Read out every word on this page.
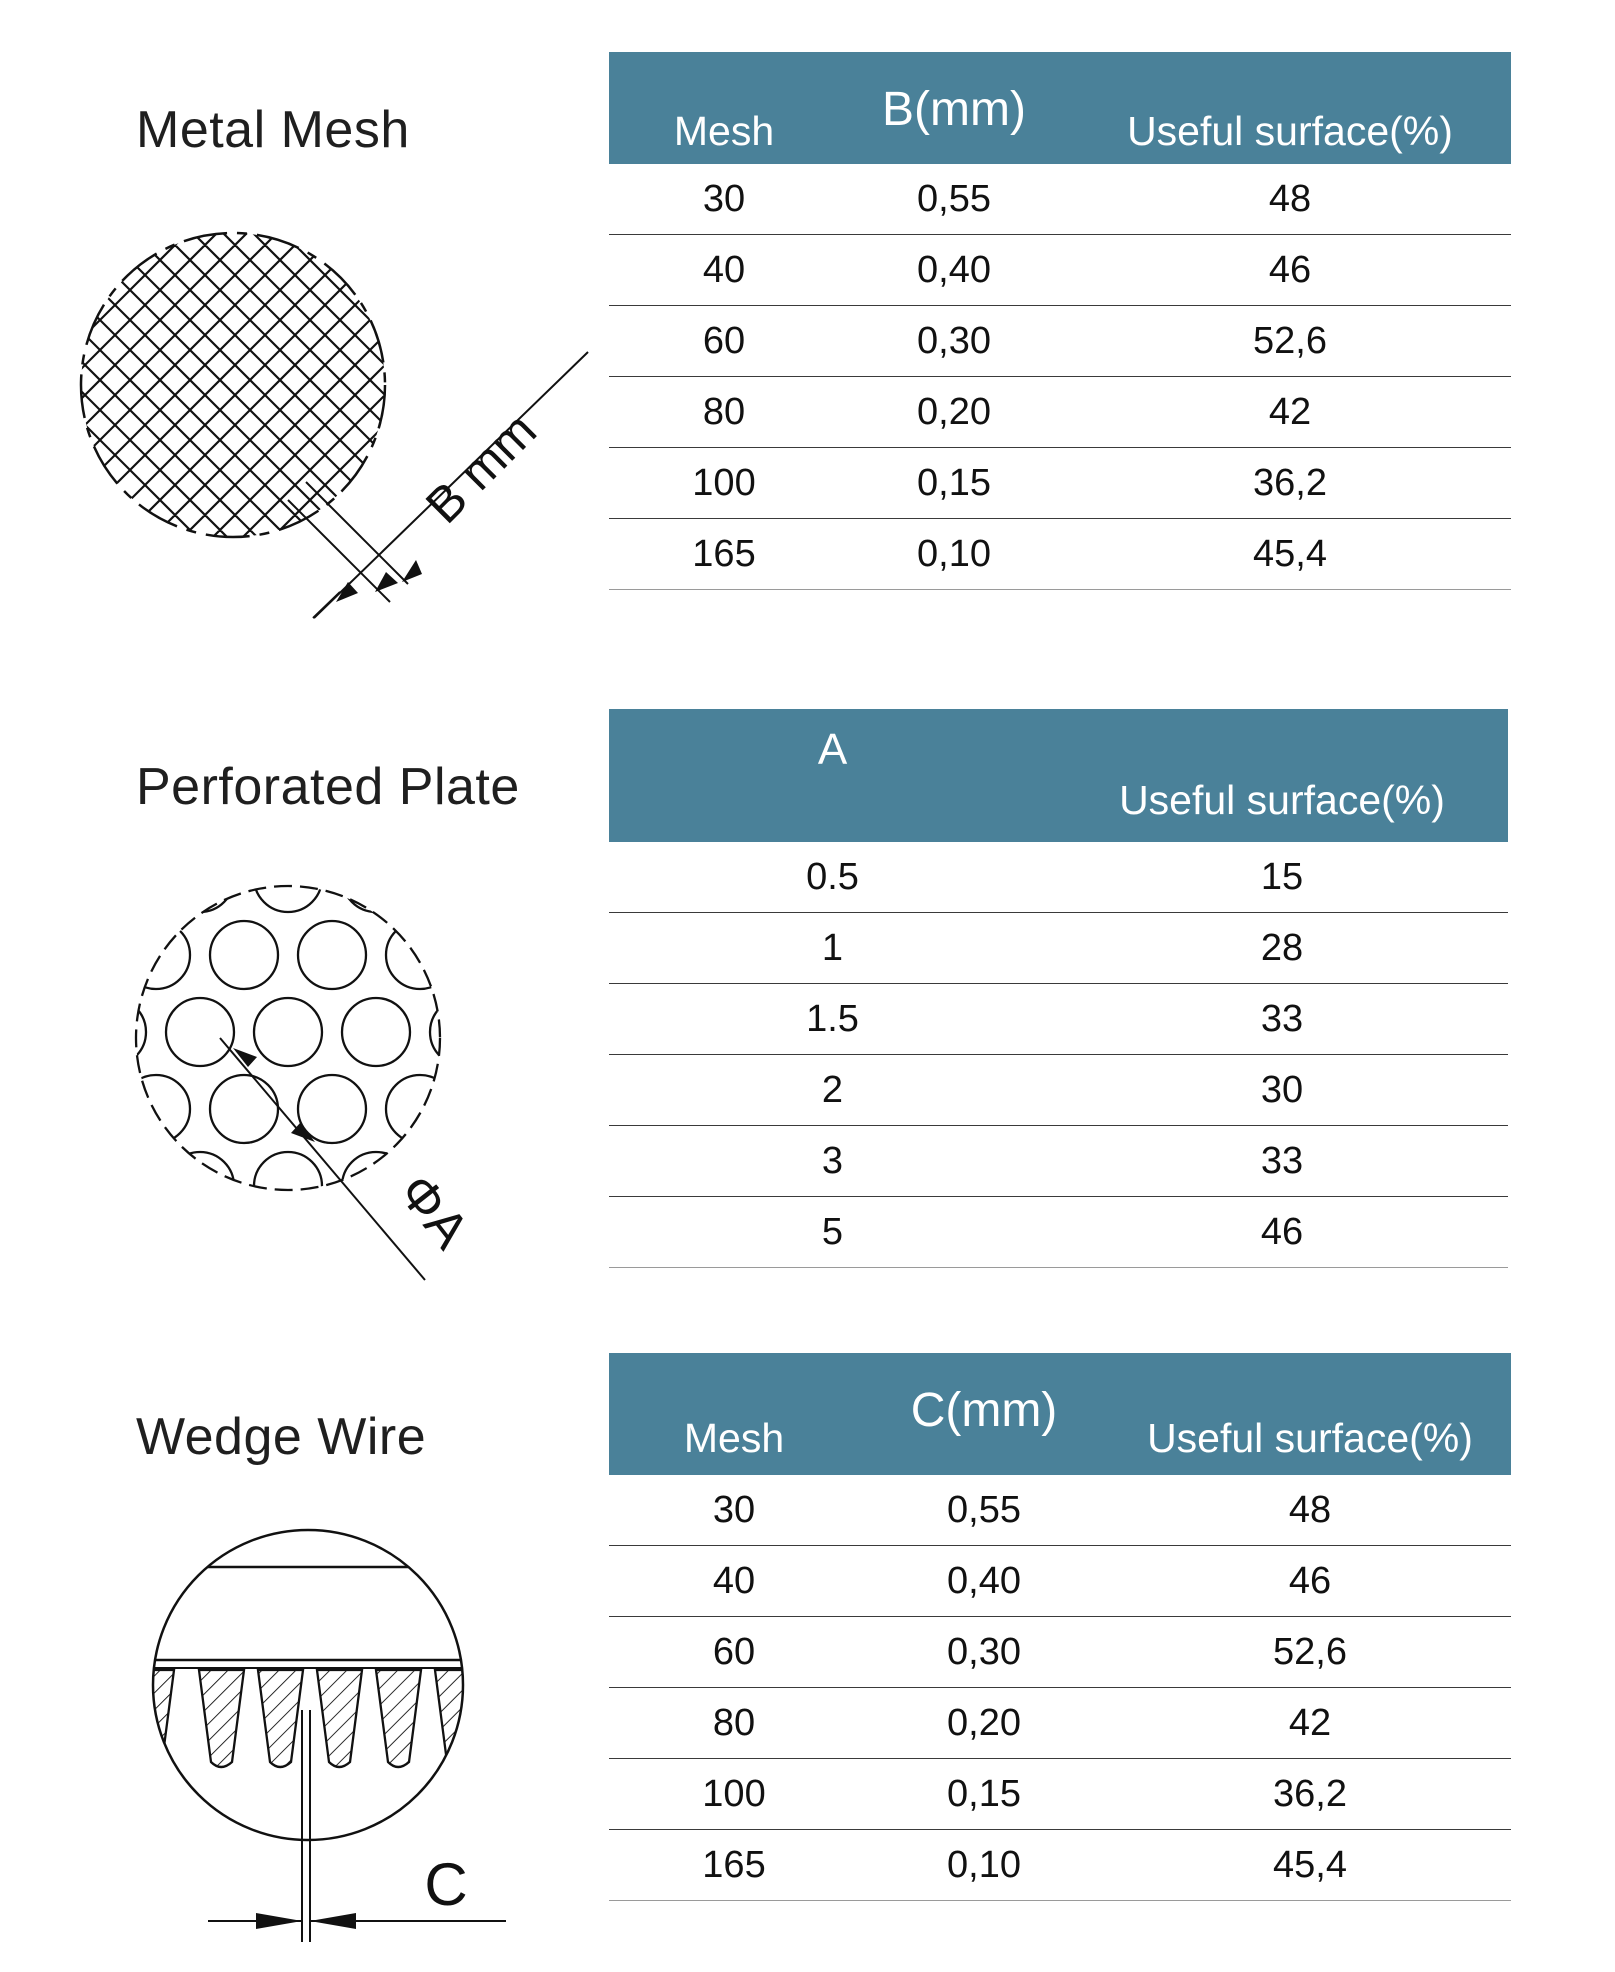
Metal Mesh
B mm
Mesh	B(mm)	Useful surface(%)

30	0,55	48
40	0,40	46
60	0,30	52,6
80	0,20	42
100	0,15	36,2
165	0,10	45,4
Perforated Plate
ΦA
A	Useful surface(%)

0.5	15
1	28
1.5	33
2	30
3	33
5	46
Wedge Wire
C
Mesh	C(mm)	Useful surface(%)

30	0,55	48
40	0,40	46
60	0,30	52,6
80	0,20	42
100	0,15	36,2
165	0,10	45,4
